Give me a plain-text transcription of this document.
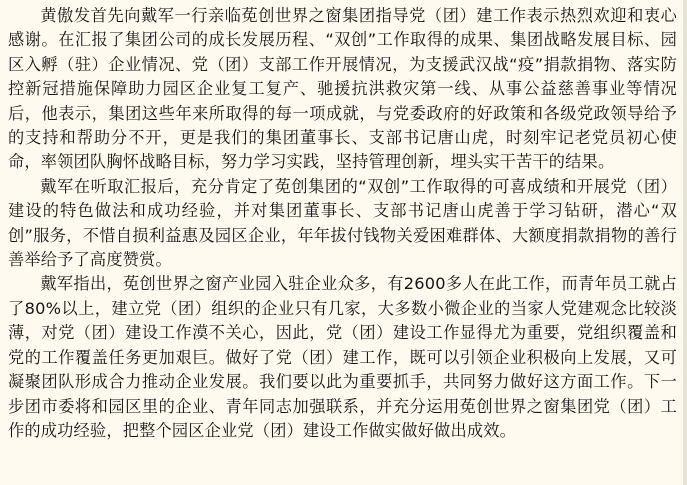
黄傲发首先向戴军一行亲临莬创世界之窗集团指导党（团）建工作表示热烈欢迎和衷心感谢。在汇报了集团公司的成长发展历程、“双创”工作取得的成果、集团战略发展目标、园区入孵（驻）企业情况、党（团）支部工作开展情况，为支援武汉战“疫”捐款捐物、落实防控新冠措施保障助力园区企业复工复产、驰援抗洪救灾第一线、从事公益慈善事业等情况后，他表示，集团这些年来所取得的每一项成就，与党委政府的好政策和各级党政领导给予的支持和帮助分不开，更是我们的集团董事长、支部书记唐山虎，时刻牢记老党员初心使命，率领团队胸怀战略目标，努力学习实践，坚持管理创新，埋头实干苦干的结果。

戴军在听取汇报后，充分肯定了莬创集团的“双创”工作取得的可喜成绩和开展党（团）建设的特色做法和成功经验，并对集团董事长、支部书记唐山虎善于学习钻研，潜心“双创”服务，不惜自损利益惠及园区企业，年年拔付钱物关爱困难群体、大额度捐款捐物的善行善举给予了高度赞赏。

戴军指出，莬创世界之窗产业园入驻企业众多，有2600多人在此工作，而青年员工就占了80%以上，建立党（团）组织的企业只有几家，大多数小微企业的当家人党建观念比较淡薄，对党（团）建设工作漠不关心，因此，党（团）建设工作显得尤为重要，党组织覆盖和党的工作覆盖任务更加艰巨。做好了党（团）建工作，既可以引领企业积极向上发展，又可凝聚团队形成合力推动企业发展。我们要以此为重要抓手，共同努力做好这方面工作。下一步团市委将和园区里的企业、青年同志加强联系，并充分运用莬创世界之窗集团党（团）工作的成功经验，把整个园区企业党（团）建设工作做实做好做出成效。
